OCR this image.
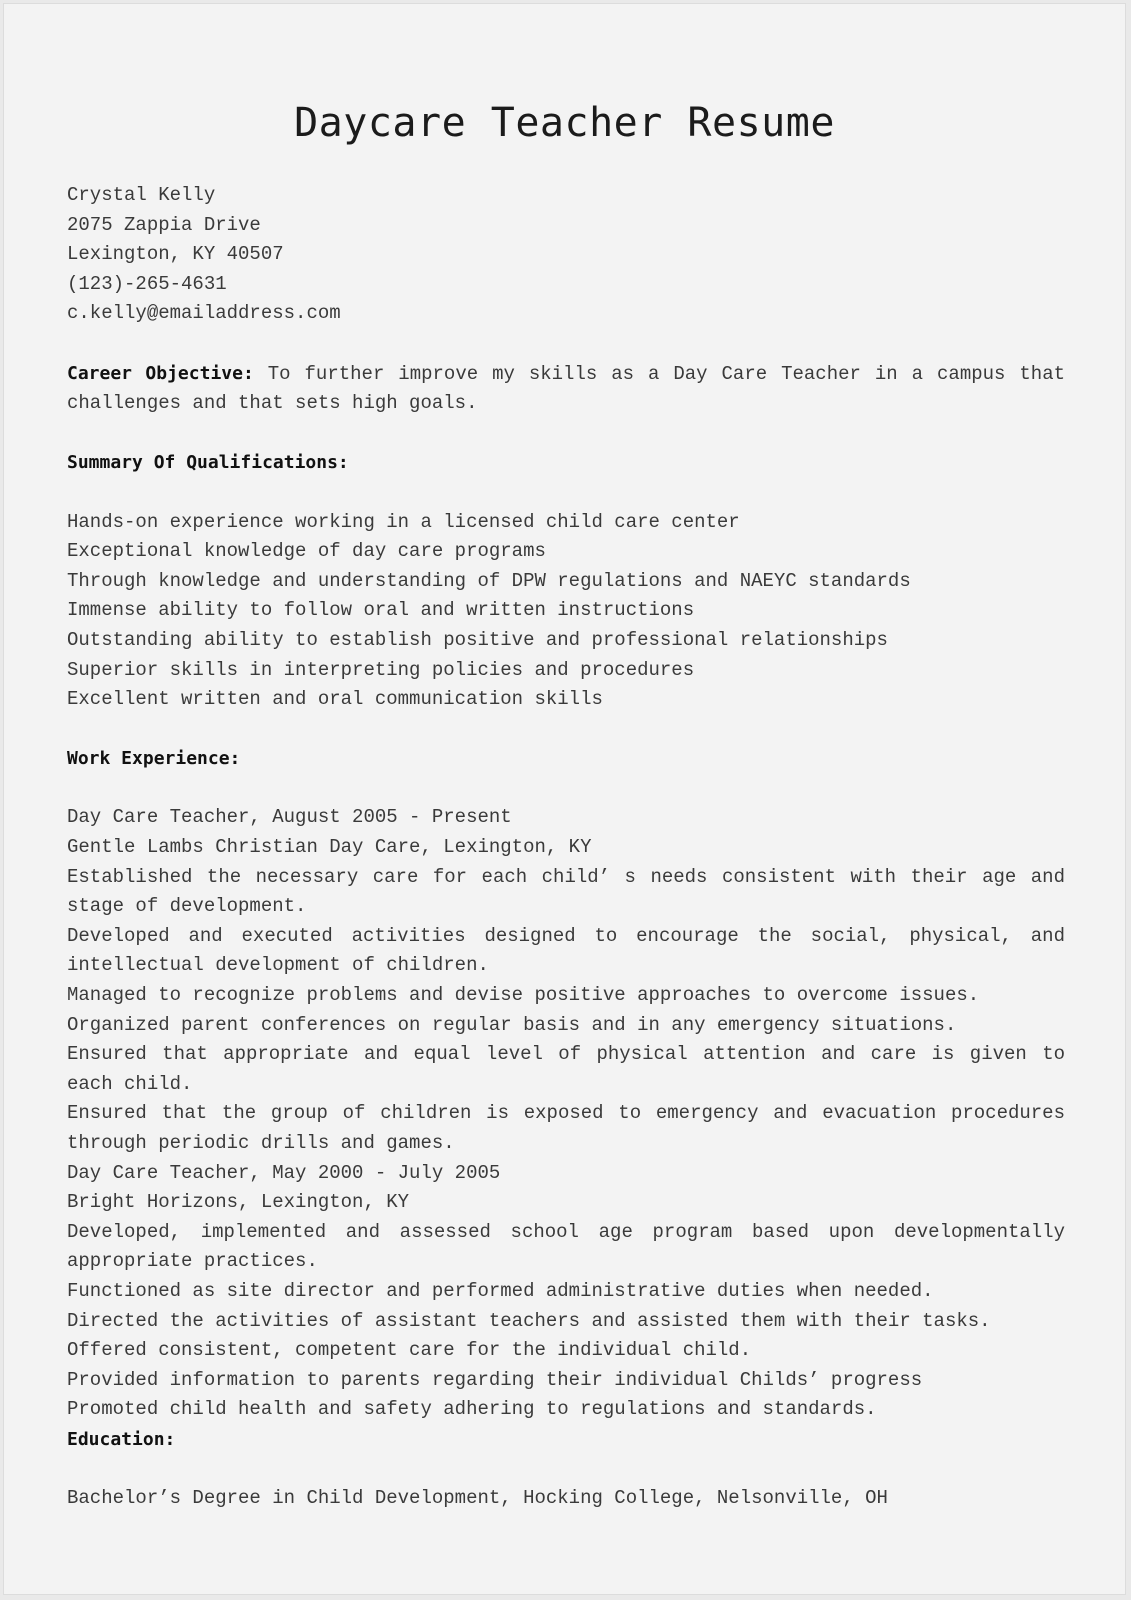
Daycare Teacher Resume
Crystal Kelly
2075 Zappia Drive
Lexington, KY 40507
(123)-265-4631
c.kelly@emailaddress.com
Career Objective: To further improve my skills as a Day Care Teacher in a campus that challenges and that sets high goals.
Summary Of Qualifications:
Hands-on experience working in a licensed child care center
Exceptional knowledge of day care programs
Through knowledge and understanding of DPW regulations and NAEYC standards
Immense ability to follow oral and written instructions
Outstanding ability to establish positive and professional relationships
Superior skills in interpreting policies and procedures
Excellent written and oral communication skills
Work Experience:
Day Care Teacher, August 2005 - Present
Gentle Lambs Christian Day Care, Lexington, KY
Established the necessary care for each child’ s needs consistent with their age and stage of development.
Developed and executed activities designed to encourage the social, physical, and intellectual development of children.
Managed to recognize problems and devise positive approaches to overcome issues.
Organized parent conferences on regular basis and in any emergency situations.
Ensured that appropriate and equal level of physical attention and care is given to each child.
Ensured that the group of children is exposed to emergency and evacuation procedures through periodic drills and games.
Day Care Teacher, May 2000 - July 2005
Bright Horizons, Lexington, KY
Developed, implemented and assessed school age program based upon developmentally appropriate practices.
Functioned as site director and performed administrative duties when needed.
Directed the activities of assistant teachers and assisted them with their tasks.
Offered consistent, competent care for the individual child.
Provided information to parents regarding their individual Childs’ progress
Promoted child health and safety adhering to regulations and standards.
Education:
Bachelor’s Degree in Child Development, Hocking College, Nelsonville, OH
